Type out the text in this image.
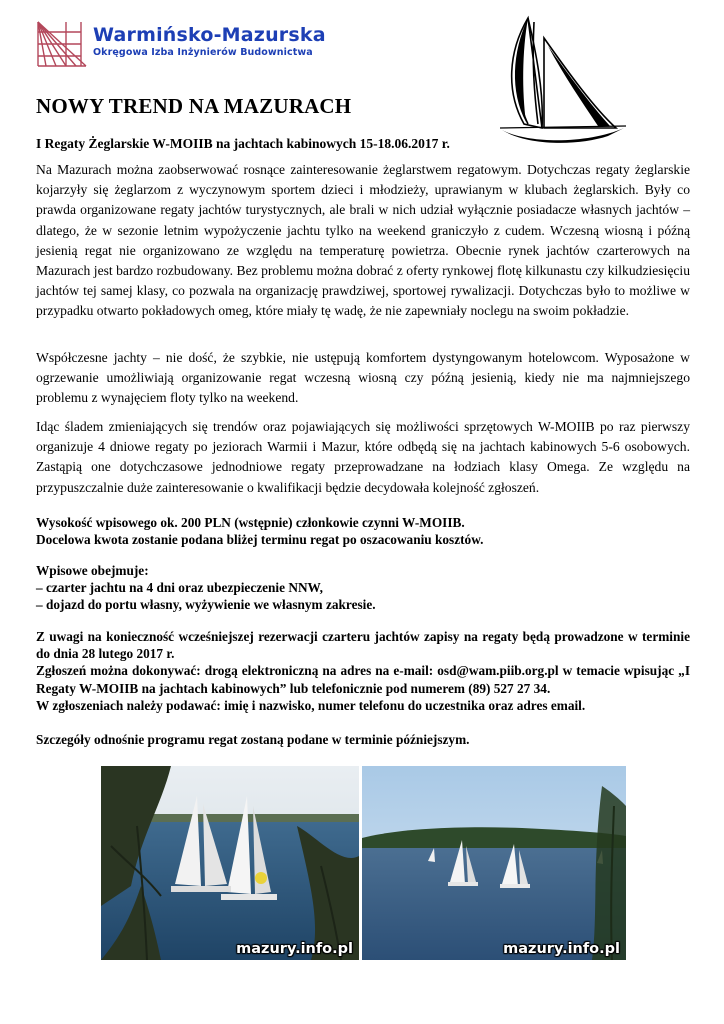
Warmińsko-Mazurska
Okręgowa Izba Inżynierów Budownictwa
NOWY TREND NA MAZURACH

I Regaty Żeglarskie W-MOIIB na jachtach kabinowych 15-18.06.2017 r.

Na Mazurach można zaobserwować rosnące zainteresowanie żeglarstwem regatowym. Dotychczas regaty żeglarskie kojarzyły się żeglarzom z wyczynowym sportem dzieci i młodzieży, uprawianym w klubach żeglarskich. Były co prawda organizowane regaty jachtów turystycznych, ale brali w nich udział wyłącznie posiadacze własnych jachtów – dlatego, że w sezonie letnim wypożyczenie jachtu tylko na weekend graniczyło z cudem. Wczesną wiosną i późną jesienią regat nie organizowano ze względu na temperaturę powietrza. Obecnie rynek jachtów czarterowych na Mazurach jest bardzo rozbudowany. Bez problemu można dobrać z oferty rynkowej flotę kilkunastu czy kilkudziesięciu jachtów tej samej klasy, co pozwala na organizację prawdziwej, sportowej rywalizacji. Dotychczas było to możliwe w przypadku otwarto pokładowych omeg, które miały tę wadę, że nie zapewniały noclegu na swoim pokładzie.

Współczesne jachty – nie dość, że szybkie, nie ustępują komfortem dystyngowanym hotelowcom. Wyposażone w ogrzewanie umożliwiają organizowanie regat wczesną wiosną czy późną jesienią, kiedy nie ma najmniejszego problemu z wynajęciem floty tylko na weekend.

Idąc śladem zmieniających się trendów oraz pojawiających się możliwości sprzętowych W-MOIIB po raz pierwszy organizuje 4 dniowe regaty po jeziorach Warmii i Mazur, które odbędą się na jachtach kabinowych 5-6 osobowych. Zastąpią one dotychczasowe jednodniowe regaty przeprowadzane na łodziach klasy Omega. Ze względu na przypuszczalnie duże zainteresowanie o kwalifikacji będzie decydowała kolejność zgłoszeń.

Wysokość wpisowego ok. 200 PLN (wstępnie) członkowie czynni W-MOIIB.

Docelowa kwota zostanie podana bliżej terminu regat po oszacowaniu kosztów.

Wpisowe obejmuje:

– czarter jachtu na 4 dni oraz ubezpieczenie NNW,

– dojazd do portu własny, wyżywienie we własnym zakresie.

Z uwagi na konieczność wcześniejszej rezerwacji czarteru jachtów zapisy na regaty będą prowadzone w terminie do dnia 28 lutego 2017 r.

Zgłoszeń można dokonywać: drogą elektroniczną na adres na e-mail: osd@wam.piib.org.pl w temacie wpisując „I Regaty W-MOIIB na jachtach kabinowych” lub telefonicznie pod numerem (89) 527 27 34.

W zgłoszeniach należy podawać: imię i nazwisko, numer telefonu do uczestnika oraz adres email.

Szczegóły odnośnie programu regat zostaną podane w terminie późniejszym.

mazury.info.pl	mazury.info.pl
